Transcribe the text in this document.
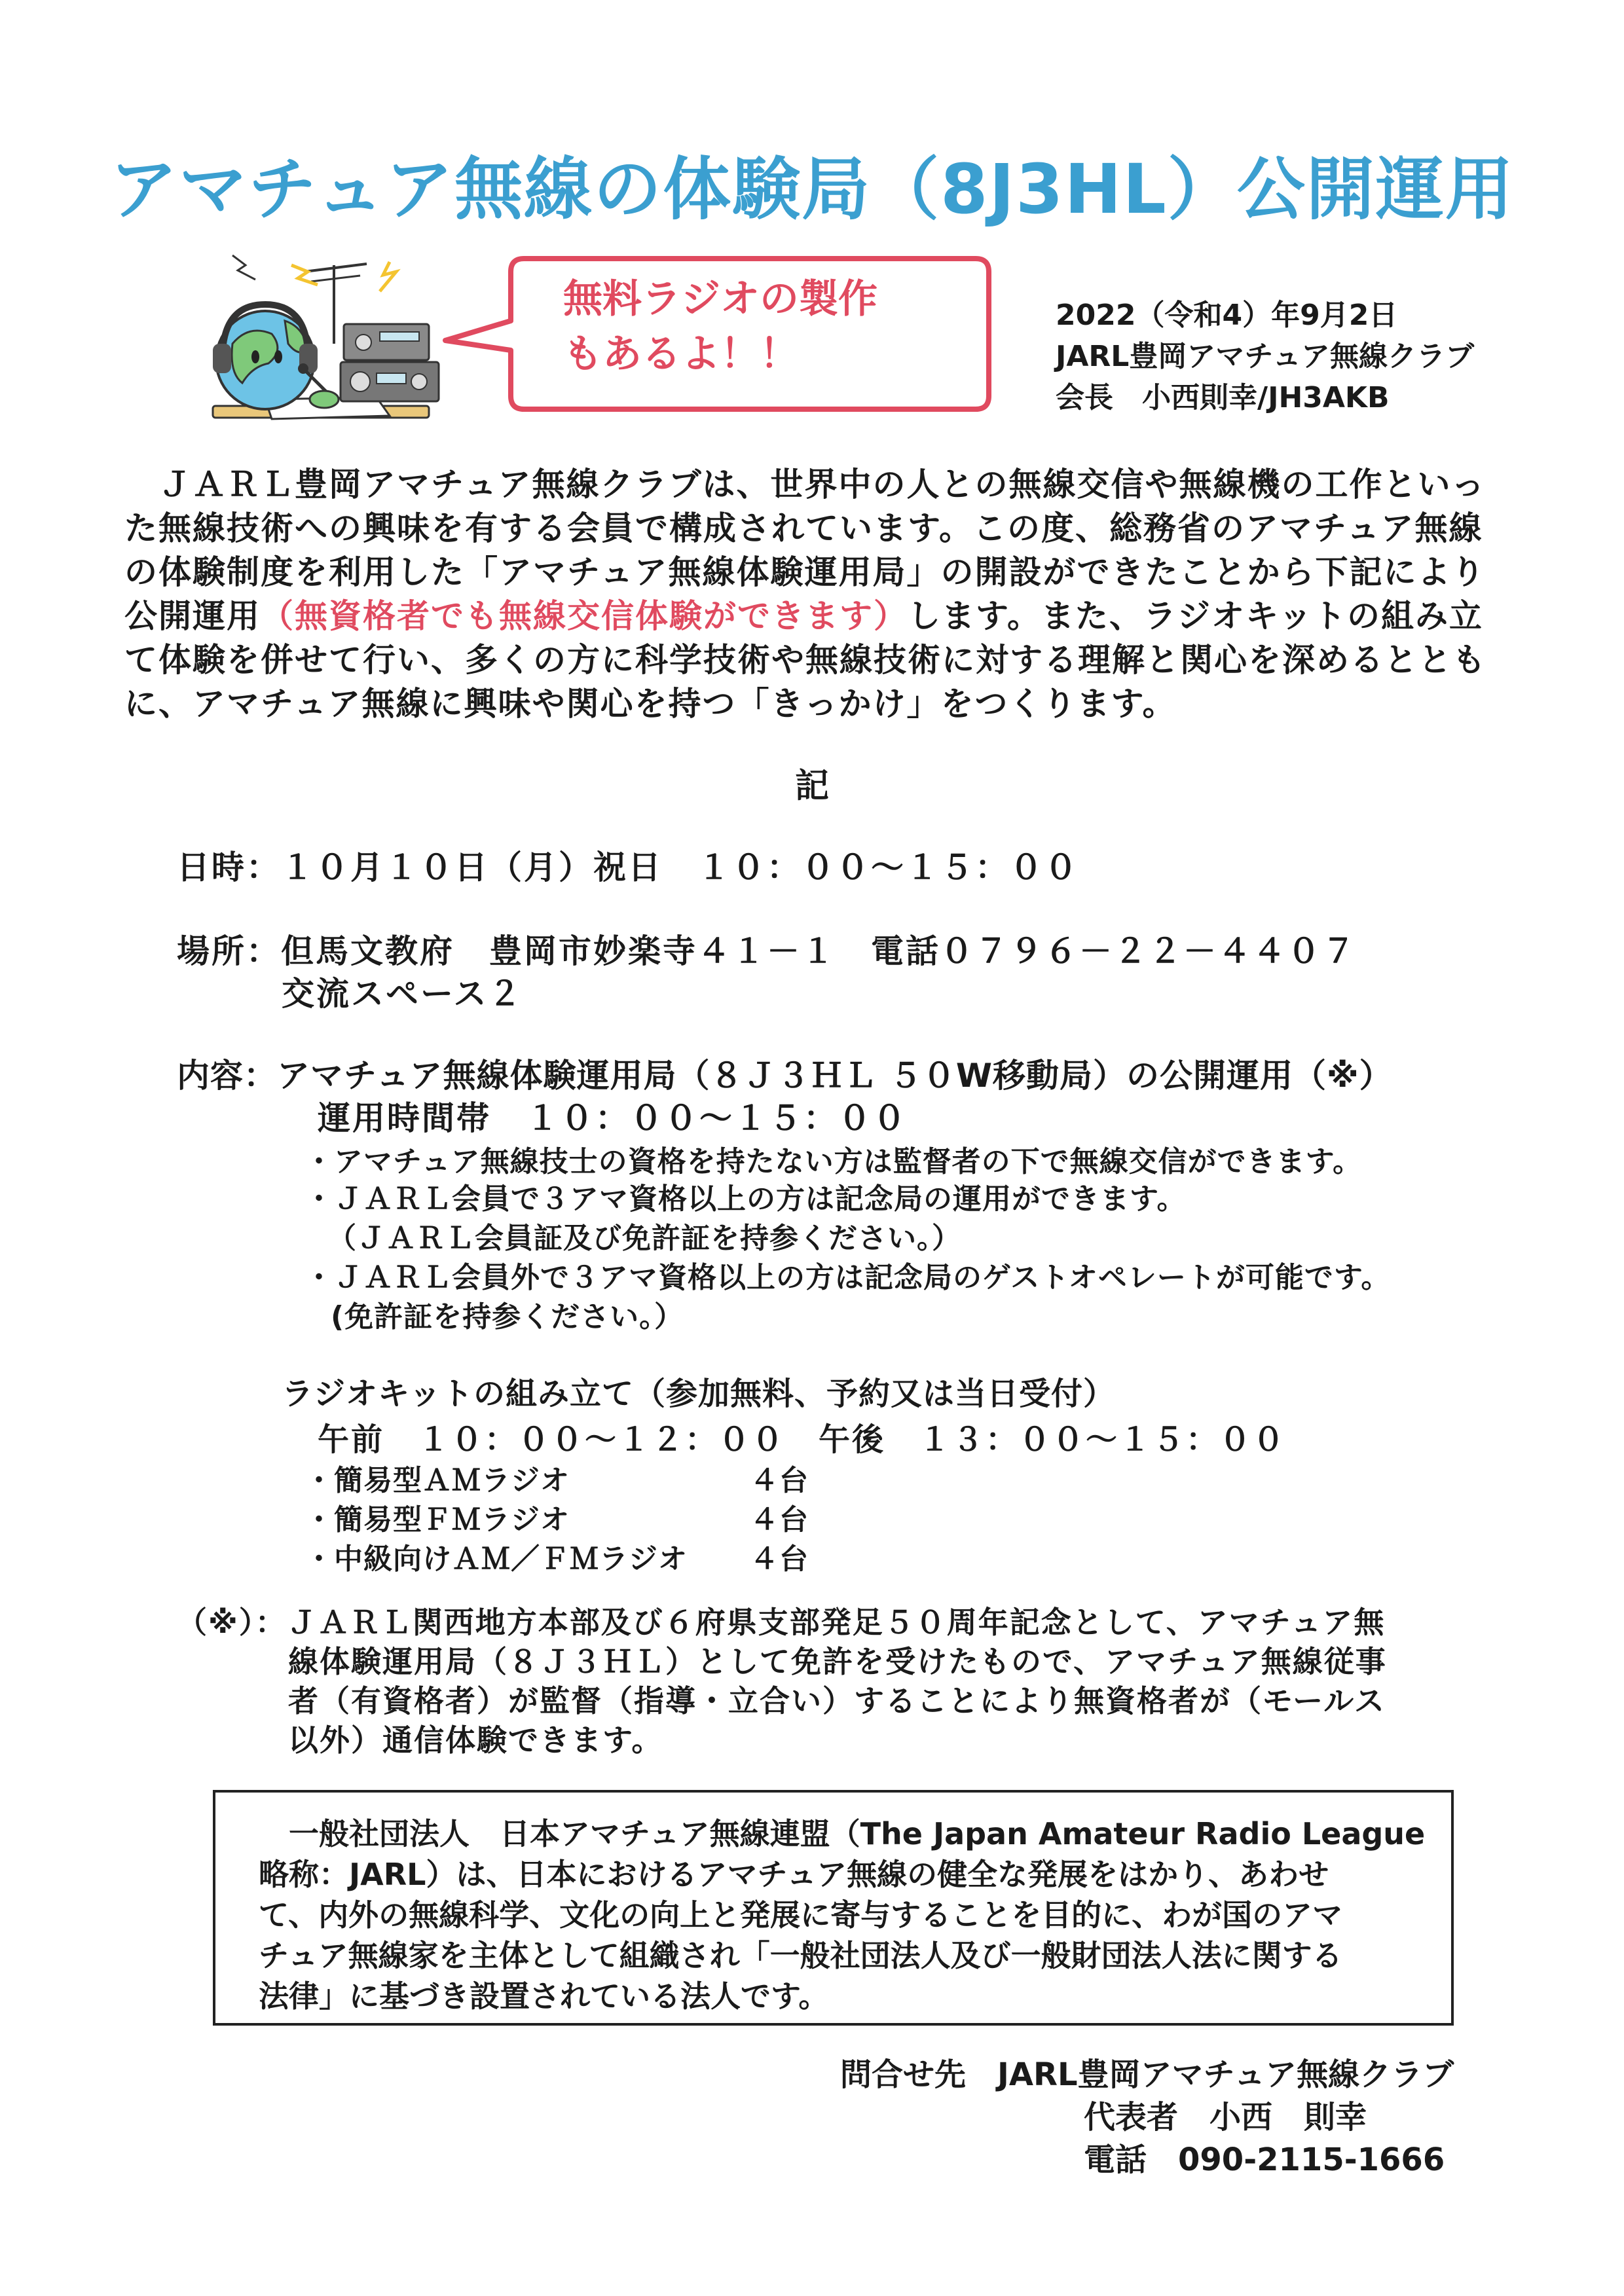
アマチュア無線の体験局（8J3HL）公開運用
無料ラジオの製作
もあるよ！！
2022（令和4）年9月2日
JARL豊岡アマチュア無線クラブ
会長　小西則幸/JH3AKB

　ＪＡＲＬ豊岡アマチュア無線クラブは、世界中の人との無線交信や無線機の工作といった無線技術への興味を有する会員で構成されています。この度、総務省のアマチュア無線の体験制度を利用した「アマチュア無線体験運用局」の開設ができたことから下記により公開運用（無資格者でも無線交信体験ができます）します。また、ラジオキットの組み立て体験を併せて行い、多くの方に科学技術や無線技術に対する理解と関心を深めるとともに、アマチュア無線に興味や関心を持つ「きっかけ」をつくります。

記
日時：１０月１０日（月）祝日　１０：００～１５：００
場所：但馬文教府　豊岡市妙楽寺４１－１　電話０７９６－２２－４４０７
交流スペース２
内容：アマチュア無線体験運用局（８Ｊ３ＨＬ ５０W移動局）の公開運用（※）
運用時間帯　１０：００～１５：００
・アマチュア無線技士の資格を持たない方は監督者の下で無線交信ができます。
・ＪＡＲＬ会員で３アマ資格以上の方は記念局の運用ができます。
（ＪＡＲＬ会員証及び免許証を持参ください。）
・ＪＡＲＬ会員外で３アマ資格以上の方は記念局のゲストオペレートが可能です。
(免許証を持参ください。）
ラジオキットの組み立て（参加無料、予約又は当日受付）
午前　１０：００～１２：００　午後　１３：００～１５：００
・簡易型ＡＭラジオ	４台
・簡易型ＦＭラジオ	４台
・中級向けＡＭ／ＦＭラジオ ４台
（※）：ＪＡＲＬ関西地方本部及び６府県支部発足５０周年記念として、アマチュア無
線体験運用局（８Ｊ３ＨＬ）として免許を受けたもので、アマチュア無線従事
者（有資格者）が監督（指導・立合い）することにより無資格者が（モールス
以外）通信体験できます。
　一般社団法人　日本アマチュア無線連盟（The Japan Amateur Radio League
略称：JARL）は、日本におけるアマチュア無線の健全な発展をはかり、あわせ
て、内外の無線科学、文化の向上と発展に寄与することを目的に、わが国のアマ
チュア無線家を主体として組織され「一般社団法人及び一般財団法人法に関する
法律」に基づき設置されている法人です。
問合せ先　 JARL豊岡アマチュア無線クラブ
代表者　小西　則幸
電話　090-2115-1666
